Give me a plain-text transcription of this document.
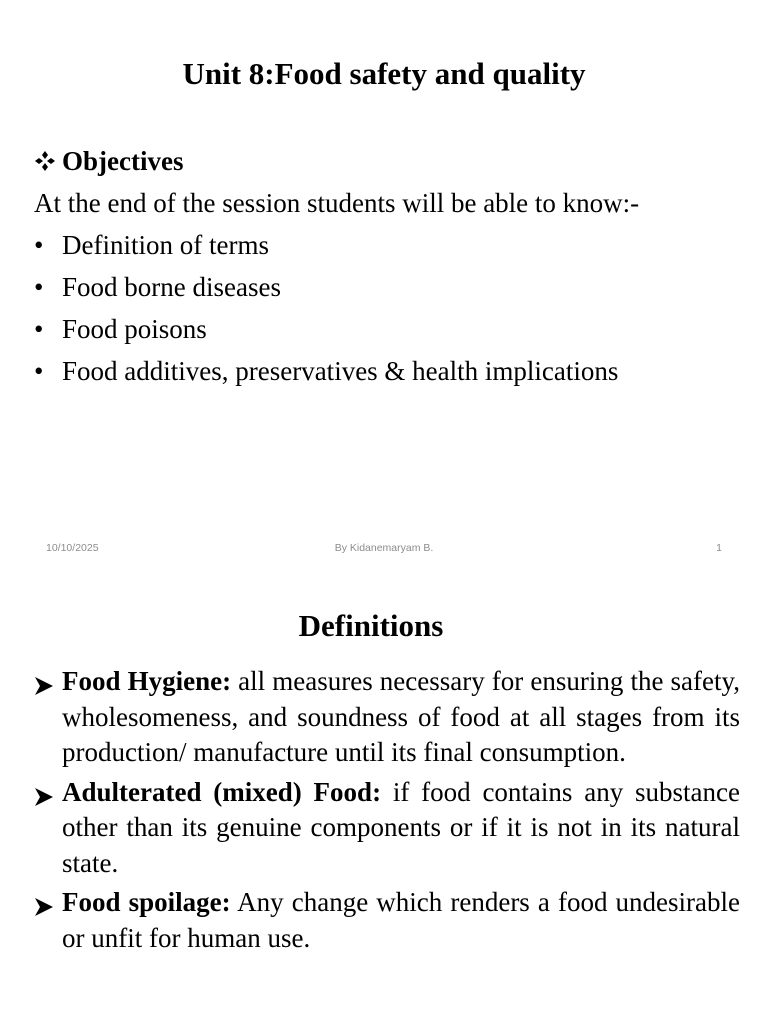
Unit 8:Food safety and quality
Objectives
At the end of the session students will be able to know:-
• Definition of terms
• Food borne diseases
• Food poisons
• Food additives, preservatives & health implications
10/10/2025	By Kidanemaryam B.	1
Definitions
Food Hygiene: all measures necessary for ensuring the safety, wholesomeness, and soundness of food at all stages from its production/ manufacture until its final consumption.
Adulterated (mixed) Food: if food contains any substance other than its genuine components or if it is not in its natural state.
Food spoilage: Any change which renders a food undesirable or unfit for human use.
